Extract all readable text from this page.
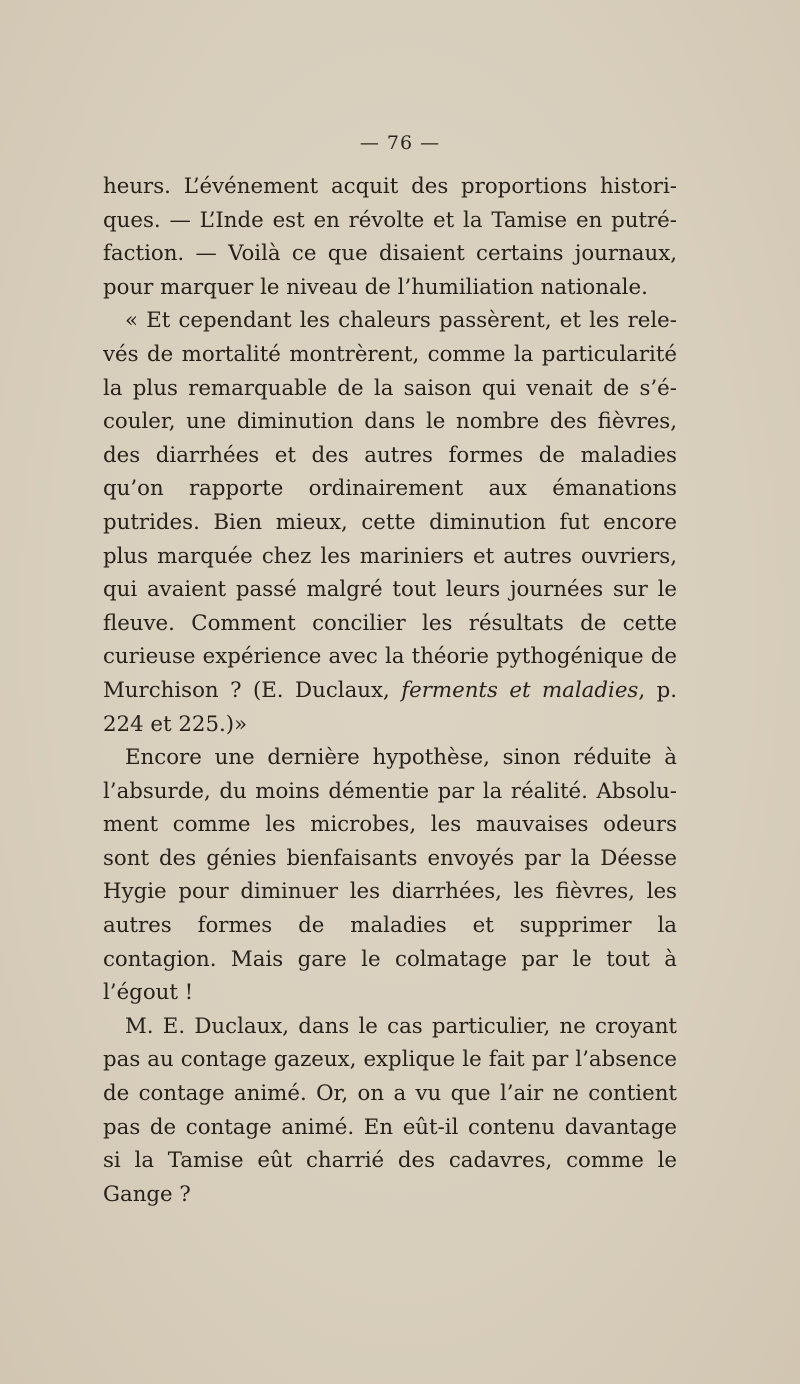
— 76 —

heurs. L’événement acquit des proportions historiques. — L’Inde est en révolte et la Tamise en putréfaction. — Voilà ce que disaient certains journaux, pour marquer le niveau de l’humiliation nationale.

« Et cependant les chaleurs passèrent, et les relevés de mortalité montrèrent, comme la particularité la plus remarquable de la saison qui venait de s’écouler, une diminution dans le nombre des fièvres, des diarrhées et des autres formes de maladies qu’on rapporte ordinairement aux émanations putrides. Bien mieux, cette diminution fut encore plus marquée chez les mariniers et autres ouvriers, qui avaient passé malgré tout leurs journées sur le fleuve. Comment concilier les résultats de cette curieuse expérience avec la théorie pythogénique de Murchison ? (E. Duclaux, ferments et maladies, p. 224 et 225.)»

Encore une dernière hypothèse, sinon réduite à l’absurde, du moins démentie par la réalité. Absolument comme les microbes, les mauvaises odeurs sont des génies bienfaisants envoyés par la Déesse Hygie pour diminuer les diarrhées, les fièvres, les autres formes de maladies et supprimer la contagion. Mais gare le colmatage par le tout à l’égout !

M. E. Duclaux, dans le cas particulier, ne croyant pas au contage gazeux, explique le fait par l’absence de contage animé. Or, on a vu que l’air ne contient pas de contage animé. En eût-il contenu davantage si la Tamise eût charrié des cadavres, comme le Gange ?
